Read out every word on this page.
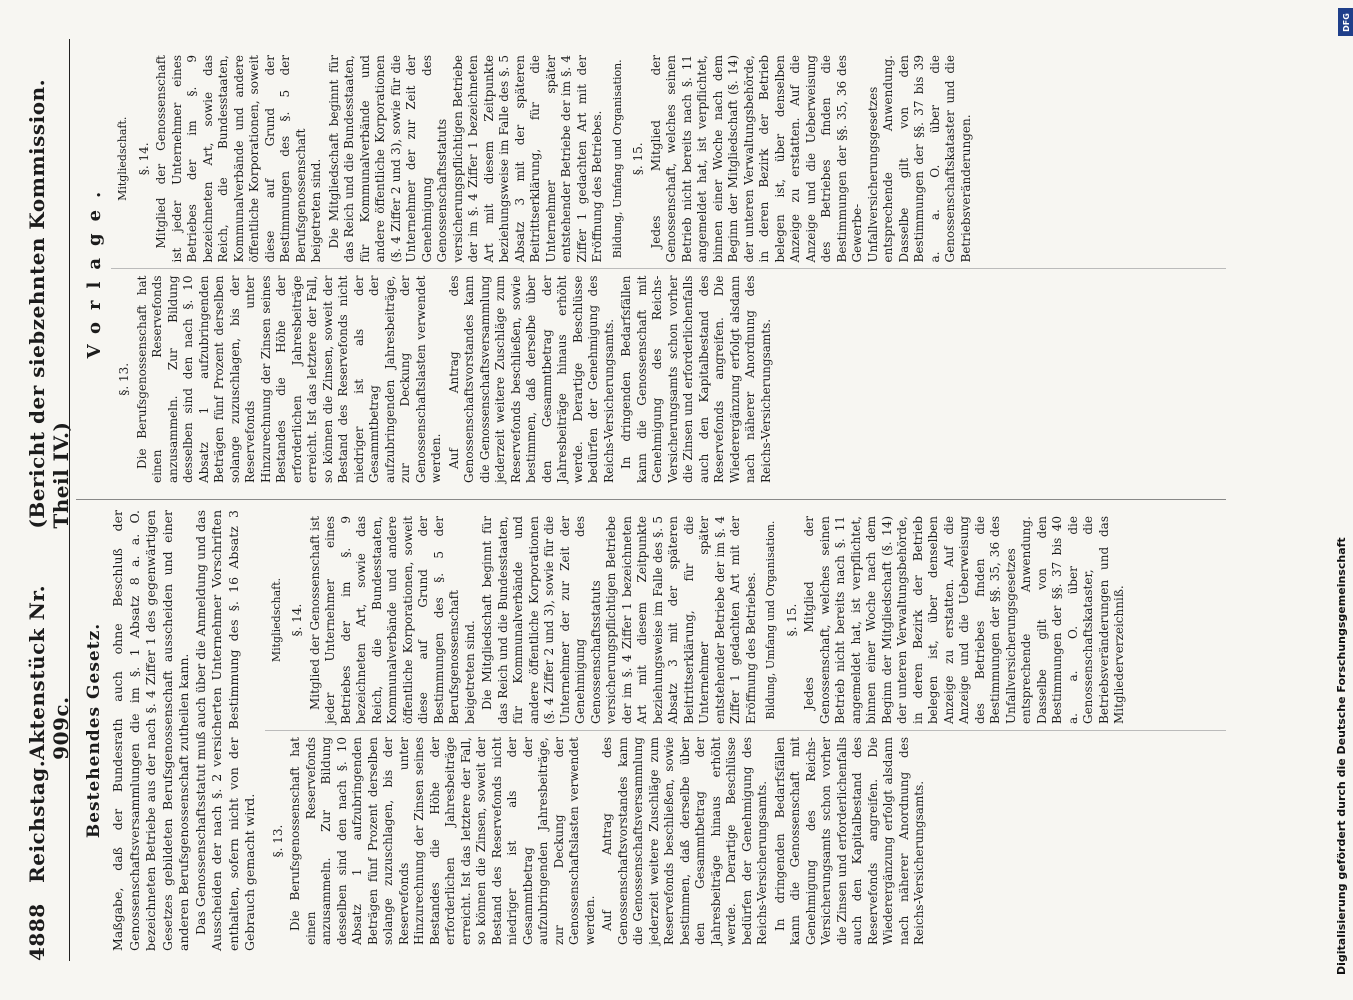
4888
Reichstag.
Aktenstück Nr. 909c.
(Bericht der siebzehnten Kommission. Theil IV.)
Bestehendes Gesetz. Maßgabe, daß der Bundesrath auch ohne Beschluß der Genossenschaftsversammlungen die im §. 1 Absatz 8 a. a. O. bezeichneten Betriebe aus der nach §. 4 Ziffer 1 des gegenwärtigen Gesetzes gebildeten Berufsgenossenschaft ausscheiden und einer anderen Berufsgenossenschaft zutheilen kann. Das Genossenschaftsstatut muß auch über die Anmeldung und das Ausscheiden der nach §. 2 versicherten Unternehmer Vorschriften enthalten, sofern nicht von der Bestimmung des §. 16 Absatz 3 Gebrauch gemacht wird. §. 13. Die Berufsgenossenschaft hat einen Reservefonds anzusammeln. Zur Bildung desselben sind den nach §. 10 Absatz 1 aufzubringenden Beträgen fünf Prozent derselben solange zuzuschlagen, bis der Reservefonds unter Hinzurechnung der Zinsen seines Bestandes die Höhe der erforderlichen Jahresbeiträge erreicht. Ist das letztere der Fall, so können die Zinsen, soweit der Bestand des Reservefonds nicht niedriger ist als der Gesammtbetrag der aufzubringenden Jahresbeiträge, zur Deckung der Genossenschaftslasten verwendet werden. Auf Antrag des Genossenschaftsvorstandes kann die Genossenschaftsversammlung jederzeit weitere Zuschläge zum Reservefonds beschließen, sowie bestimmen, daß derselbe über den Gesammtbetrag der Jahresbeiträge hinaus erhöht werde. Derartige Beschlüsse bedürfen der Genehmigung des Reichs-Versicherungsamts. In dringenden Bedarfsfällen kann die Genossenschaft mit Genehmigung des Reichs-Versicherungsamts schon vorher die Zinsen und erforderlichenfalls auch den Kapitalbestand des Reservefonds angreifen. Die Wiederergänzung erfolgt alsdann nach näherer Anordnung des Reichs-Versicherungsamts.

Mitgliedschaft. §. 14. Mitglied der Genossenschaft ist jeder Unternehmer eines Betriebes der im §. 9 bezeichneten Art, sowie das Reich, die Bundesstaaten, Kommunalverbände und andere öffentliche Korporationen, soweit diese auf Grund der Bestimmungen des §. 5 der Berufsgenossenschaft beigetreten sind. Die Mitgliedschaft beginnt für das Reich und die Bundesstaaten, für Kommunalverbände und andere öffentliche Korporationen (§. 4 Ziffer 2 und 3), sowie für die Unternehmer der zur Zeit der Genehmigung des Genossenschaftsstatuts versicherungspflichtigen Betriebe der im §. 4 Ziffer 1 bezeichneten Art mit diesem Zeitpunkte beziehungsweise im Falle des §. 5 Absatz 3 mit der späteren Beitrittserklärung, für die Unternehmer später entstehender Betriebe der im §. 4 Ziffer 1 gedachten Art mit der Eröffnung des Betriebes. Bildung, Umfang und Organisation. §. 15. Jedes Mitglied der Genossenschaft, welches seinen Betrieb nicht bereits nach §. 11 angemeldet hat, ist verpflichtet, binnen einer Woche nach dem Beginn der Mitgliedschaft (§. 14) der unteren Verwaltungsbehörde, in deren Bezirk der Betrieb belegen ist, über denselben Anzeige zu erstatten. Auf die Anzeige und die Ueberweisung des Betriebes finden die Bestimmungen der §§. 35, 36 des Unfallversicherungsgesetzes entsprechende Anwendung. Dasselbe gilt von den Bestimmungen der §§. 37 bis 40 a. a. O. über die Genossenschaftskataster, die Betriebsveränderungen und das Mitgliederverzeichniß.

Vorlage.

§. 13. Die Berufsgenossenschaft hat einen Reservefonds anzusammeln. Zur Bildung desselben sind den nach §. 10 Absatz 1 aufzubringenden Beträgen fünf Prozent derselben solange zuzuschlagen, bis der Reservefonds unter Hinzurechnung der Zinsen seines Bestandes die Höhe der erforderlichen Jahresbeiträge erreicht. Ist das letztere der Fall, so können die Zinsen, soweit der Bestand des Reservefonds nicht niedriger ist als der Gesammtbetrag der aufzubringenden Jahresbeiträge, zur Deckung der Genossenschaftslasten verwendet werden. Auf Antrag des Genossenschaftsvorstandes kann die Genossenschaftsversammlung jederzeit weitere Zuschläge zum Reservefonds beschließen, sowie bestimmen, daß derselbe über den Gesammtbetrag der Jahresbeiträge hinaus erhöht werde. Derartige Beschlüsse bedürfen der Genehmigung des Reichs-Versicherungsamts. In dringenden Bedarfsfällen kann die Genossenschaft mit Genehmigung des Reichs-Versicherungsamts schon vorher die Zinsen und erforderlichenfalls auch den Kapitalbestand des Reservefonds angreifen. Die Wiederergänzung erfolgt alsdann nach näherer Anordnung des Reichs-Versicherungsamts.

Mitgliedschaft. §. 14. Mitglied der Genossenschaft ist jeder Unternehmer eines Betriebes der im §. 9 bezeichneten Art, sowie das Reich, die Bundesstaaten, Kommunalverbände und andere öffentliche Korporationen, soweit diese auf Grund der Bestimmungen des §. 5 der Berufsgenossenschaft beigetreten sind. Die Mitgliedschaft beginnt für das Reich und die Bundesstaaten, für Kommunalverbände und andere öffentliche Korporationen (§. 4 Ziffer 2 und 3), sowie für die Unternehmer der zur Zeit der Genehmigung des Genossenschaftsstatuts versicherungspflichtigen Betriebe der im §. 4 Ziffer 1 bezeichneten Art mit diesem Zeitpunkte beziehungsweise im Falle des §. 5 Absatz 3 mit der späteren Beitrittserklärung, für die Unternehmer später entstehender Betriebe der im §. 4 Ziffer 1 gedachten Art mit der Eröffnung des Betriebes. Bildung, Umfang und Organisation. §. 15. Jedes Mitglied der Genossenschaft, welches seinen Betrieb nicht bereits nach §. 11 angemeldet hat, ist verpflichtet, binnen einer Woche nach dem Beginn der Mitgliedschaft (§. 14) der unteren Verwaltungsbehörde, in deren Bezirk der Betrieb belegen ist, über denselben Anzeige zu erstatten. Auf die Anzeige und die Ueberweisung des Betriebes finden die Bestimmungen der §§. 35, 36 des Gewerbe-Unfallversicherungsgesetzes entsprechende Anwendung. Dasselbe gilt von den Bestimmungen der §§. 37 bis 39 a. a. O. über die Genossenschaftskataster und die Betriebsveränderungen.

Digitalisierung gefördert durch die Deutsche Forschungsgemeinschaft
DFG
